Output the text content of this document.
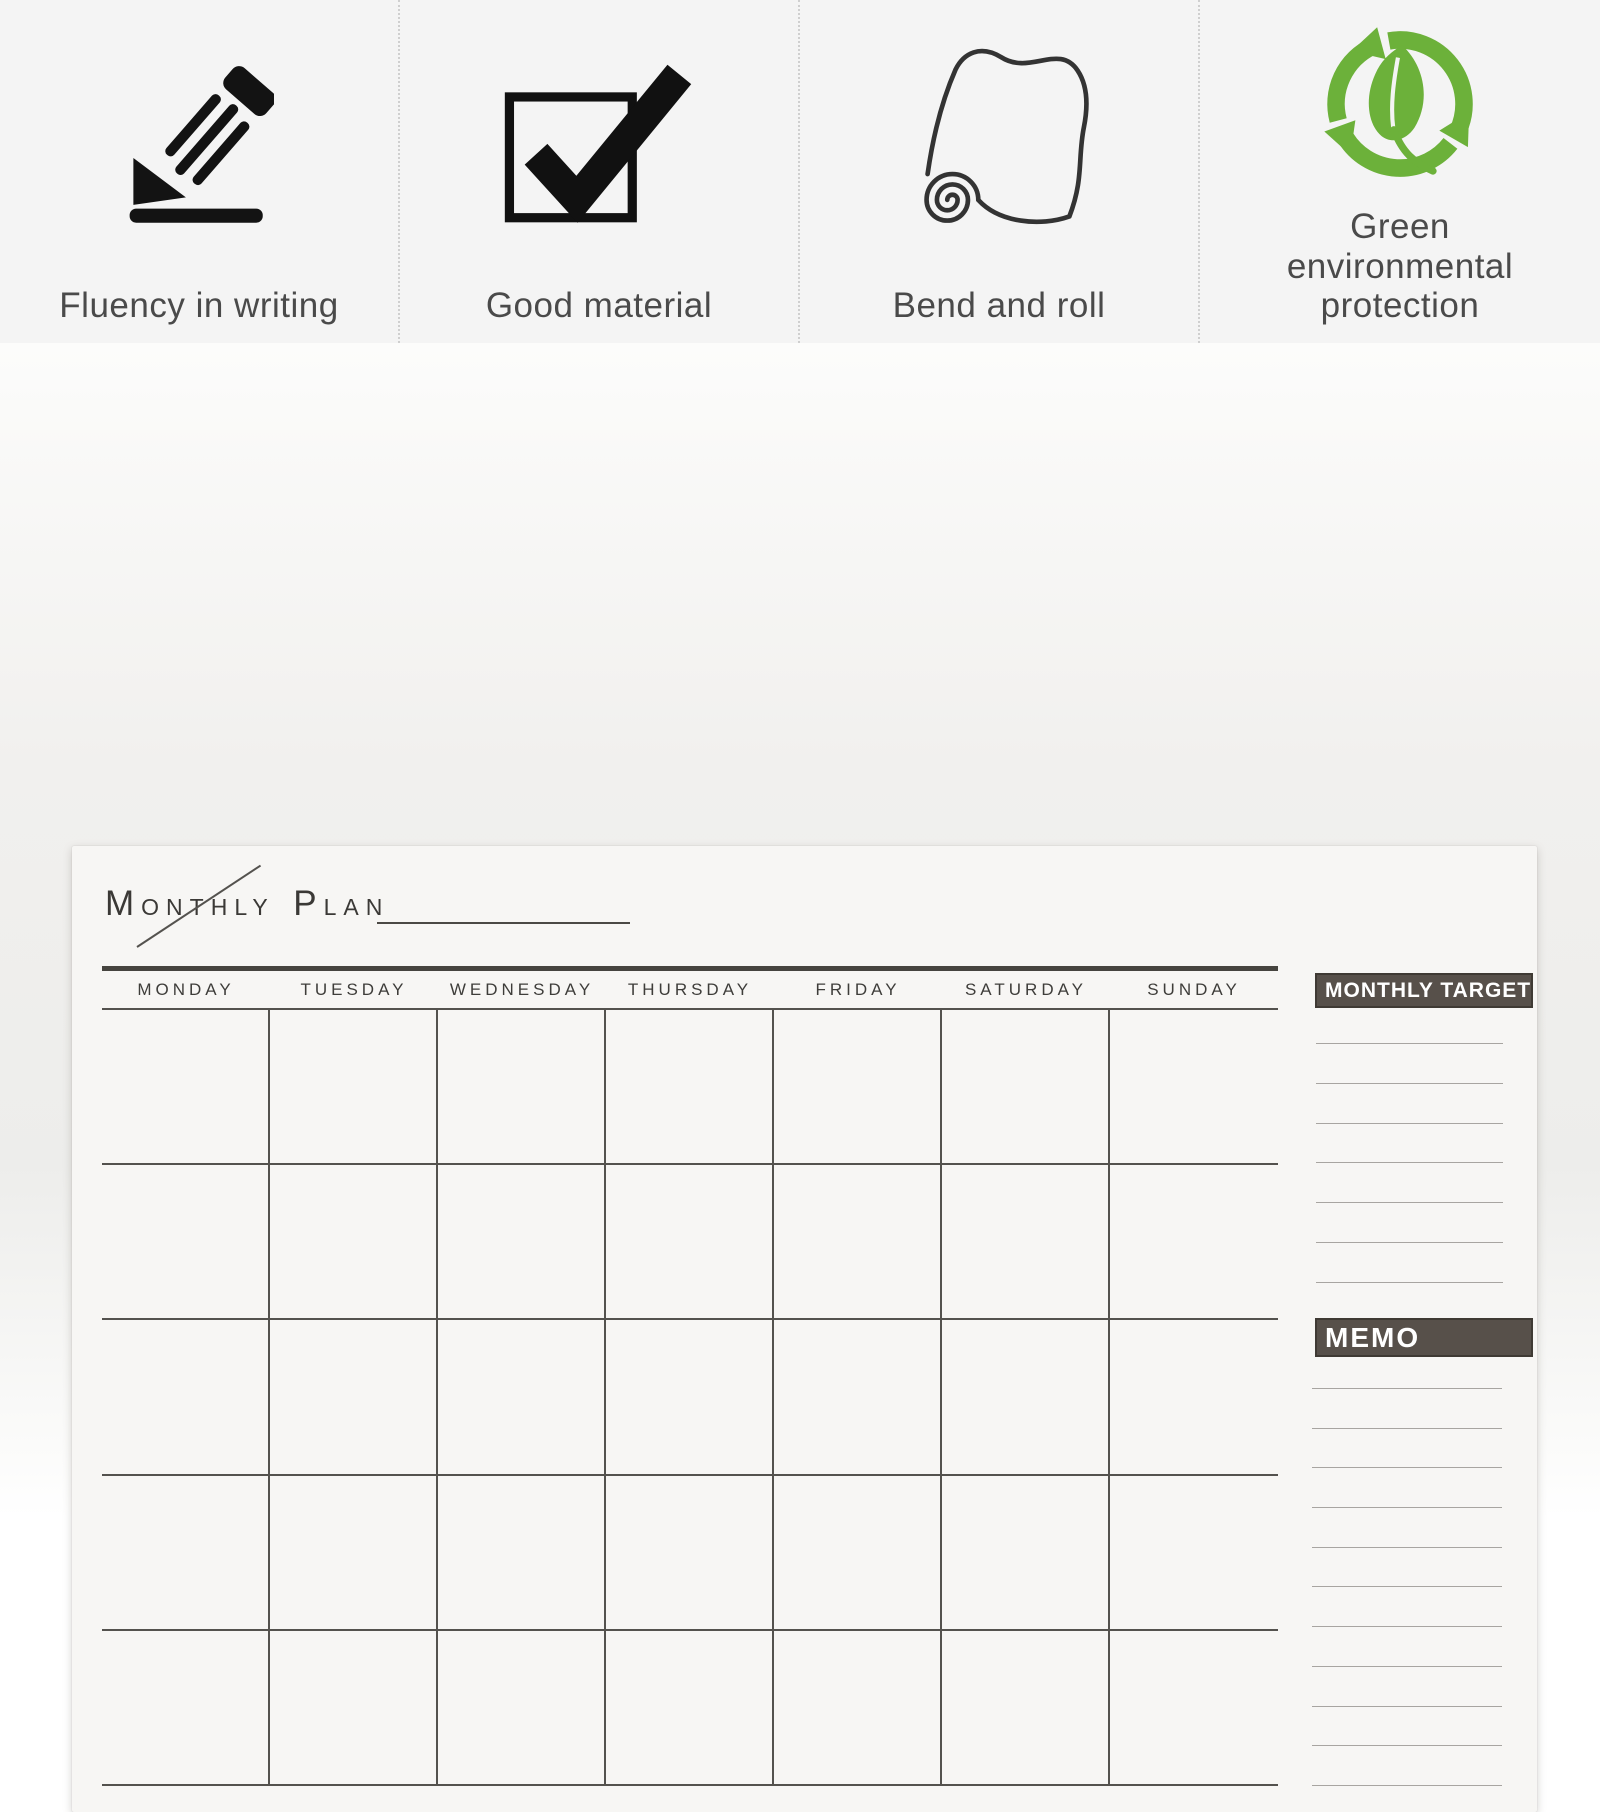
Fluency in writing	Good material	Bend and roll
Green environmental protection
MONTHLY PLAN
MONDAY	TUESDAY	WEDNESDAY	THURSDAY	FRIDAY	SATURDAY	SUNDAY	MONTHLY TARGET
MEMO
